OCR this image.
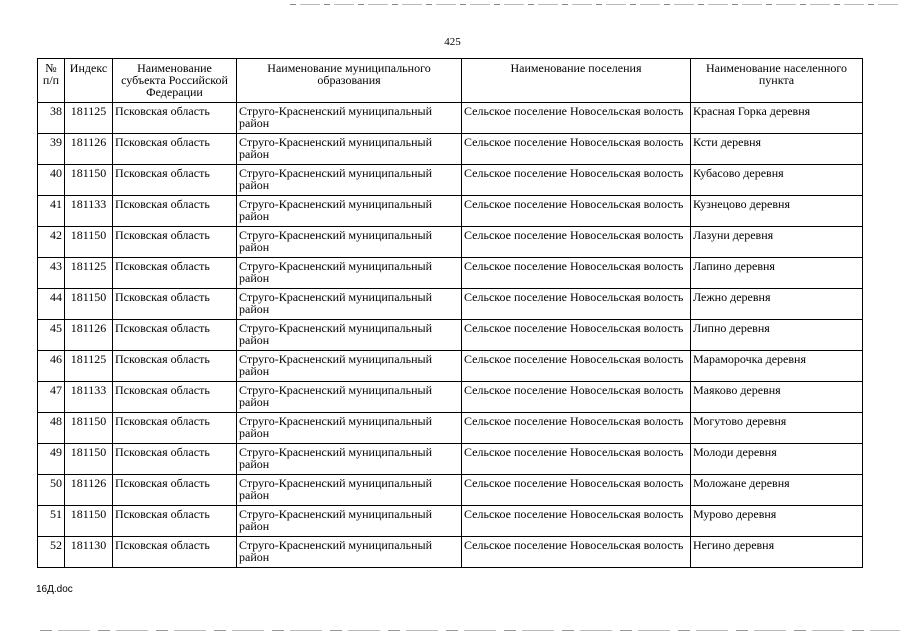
425
№ п/п	Индекс	Наименование субъекта Российской Федерации	Наименование муниципального образования	Наименование поселения	Наименование населенного пункта
38	181125	Псковская область	Струго-Красненский муниципальный район	Сельское поселение Новосельская волость	Красная Горка деревня
39	181126	Псковская область	Струго-Красненский муниципальный район	Сельское поселение Новосельская волость	Ксти деревня
40	181150	Псковская область	Струго-Красненский муниципальный район	Сельское поселение Новосельская волость	Кубасово деревня
41	181133	Псковская область	Струго-Красненский муниципальный район	Сельское поселение Новосельская волость	Кузнецово деревня
42	181150	Псковская область	Струго-Красненский муниципальный район	Сельское поселение Новосельская волость	Лазуни деревня
43	181125	Псковская область	Струго-Красненский муниципальный район	Сельское поселение Новосельская волость	Лапино деревня
44	181150	Псковская область	Струго-Красненский муниципальный район	Сельское поселение Новосельская волость	Лежно деревня
45	181126	Псковская область	Струго-Красненский муниципальный район	Сельское поселение Новосельская волость	Липно деревня
46	181125	Псковская область	Струго-Красненский муниципальный район	Сельское поселение Новосельская волость	Мараморочка деревня
47	181133	Псковская область	Струго-Красненский муниципальный район	Сельское поселение Новосельская волость	Маяково деревня
48	181150	Псковская область	Струго-Красненский муниципальный район	Сельское поселение Новосельская волость	Могутово деревня
49	181150	Псковская область	Струго-Красненский муниципальный район	Сельское поселение Новосельская волость	Молоди деревня
50	181126	Псковская область	Струго-Красненский муниципальный район	Сельское поселение Новосельская волость	Моложане деревня
51	181150	Псковская область	Струго-Красненский муниципальный район	Сельское поселение Новосельская волость	Мурово деревня
52	181130	Псковская область	Струго-Красненский муниципальный район	Сельское поселение Новосельская волость	Негино деревня
16Д.doc
